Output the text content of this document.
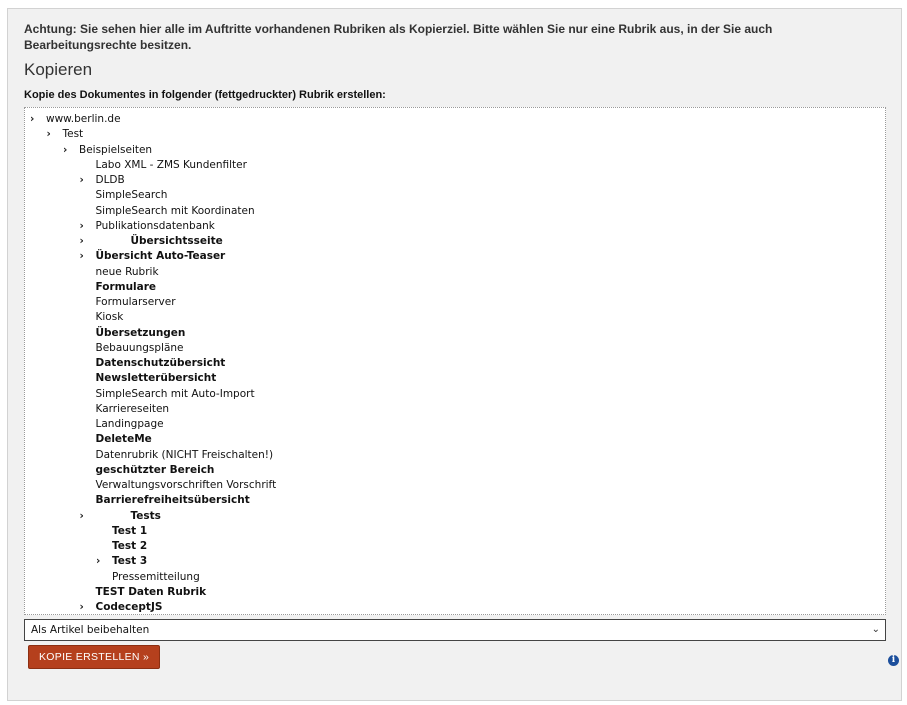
Achtung: Sie sehen hier alle im Auftritte vorhandenen Rubriken als Kopierziel. Bitte wählen Sie nur eine Rubrik aus, in der Sie auch Bearbeitungsrechte besitzen.

Kopieren
Kopie des Dokumentes in folgender (fettgedruckter) Rubrik erstellen:
› www.berlin.de
› Test
› Beispielseiten
Labo XML - ZMS Kundenfilter
› DLDB
SimpleSearch
SimpleSearch mit Koordinaten
› Publikationsdatenbank
›	Übersichtsseite
› Übersicht Auto-Teaser
neue Rubrik
Formulare
Formularserver
Kiosk
Übersetzungen
Bebauungspläne
Datenschutzübersicht
Newsletterübersicht
SimpleSearch mit Auto-Import
Karriereseiten
Landingpage
DeleteMe
Datenrubrik (NICHT Freischalten!)
geschützter Bereich
Verwaltungsvorschriften Vorschrift
Barrierefreiheitsübersicht
›	Tests
Test 1
Test 2
› Test 3
Pressemitteilung
TEST Daten Rubrik
› CodeceptJS
Als Artikel beibehalten	⌄
KOPIE ERSTELLEN »	i
